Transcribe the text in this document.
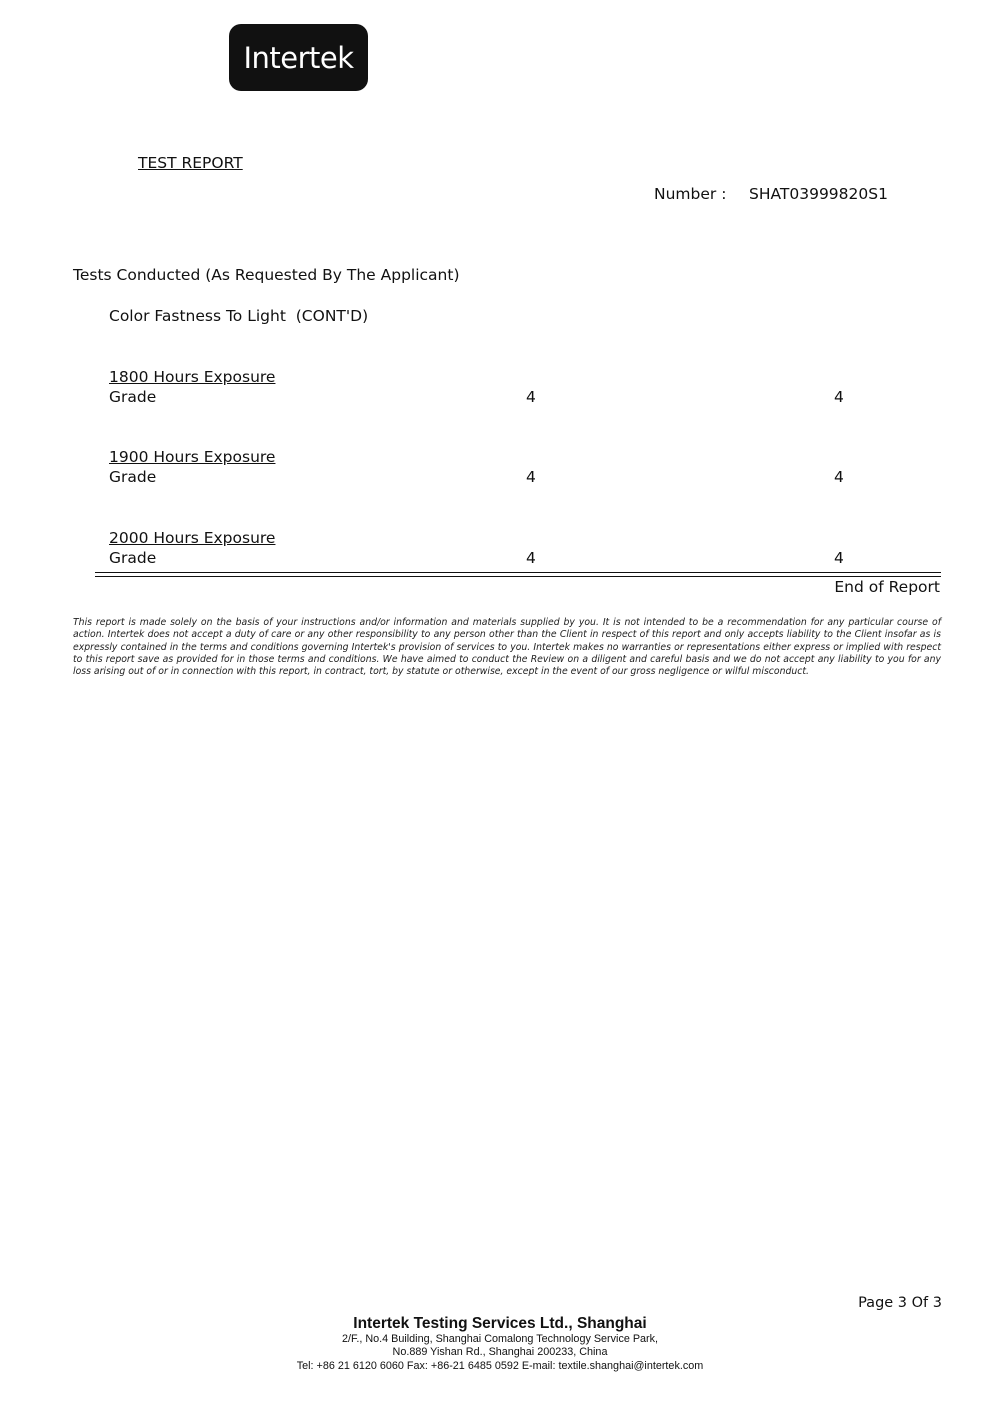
Intertek
TEST REPORT
Number : SHAT03999820S1
Tests Conducted (As Requested By The Applicant)
Color Fastness To Light  (CONT'D)
1800 Hours Exposure
Grade	4	4
1900 Hours Exposure
Grade	4	4
2000 Hours Exposure
Grade	4	4
End of Report
This report is made solely on the basis of your instructions and/or information and materials supplied by you. It is not intended to be a recommendation for any particular course of action. Intertek does not accept a duty of care or any other responsibility to any person other than the Client in respect of this report and only accepts liability to the Client insofar as is expressly contained in the terms and conditions governing Intertek's provision of services to you. Intertek makes no warranties or representations either express or implied with respect to this report save as provided for in those terms and conditions. We have aimed to conduct the Review on a diligent and careful basis and we do not accept any liability to you for any loss arising out of or in connection with this report, in contract, tort, by statute or otherwise, except in the event of our gross negligence or wilful misconduct.
Page 3 Of 3
Intertek Testing Services Ltd., Shanghai
2/F., No.4 Building, Shanghai Comalong Technology Service Park,
No.889 Yishan Rd., Shanghai 200233, China
Tel: +86 21 6120 6060 Fax: +86-21 6485 0592 E-mail: textile.shanghai@intertek.com
